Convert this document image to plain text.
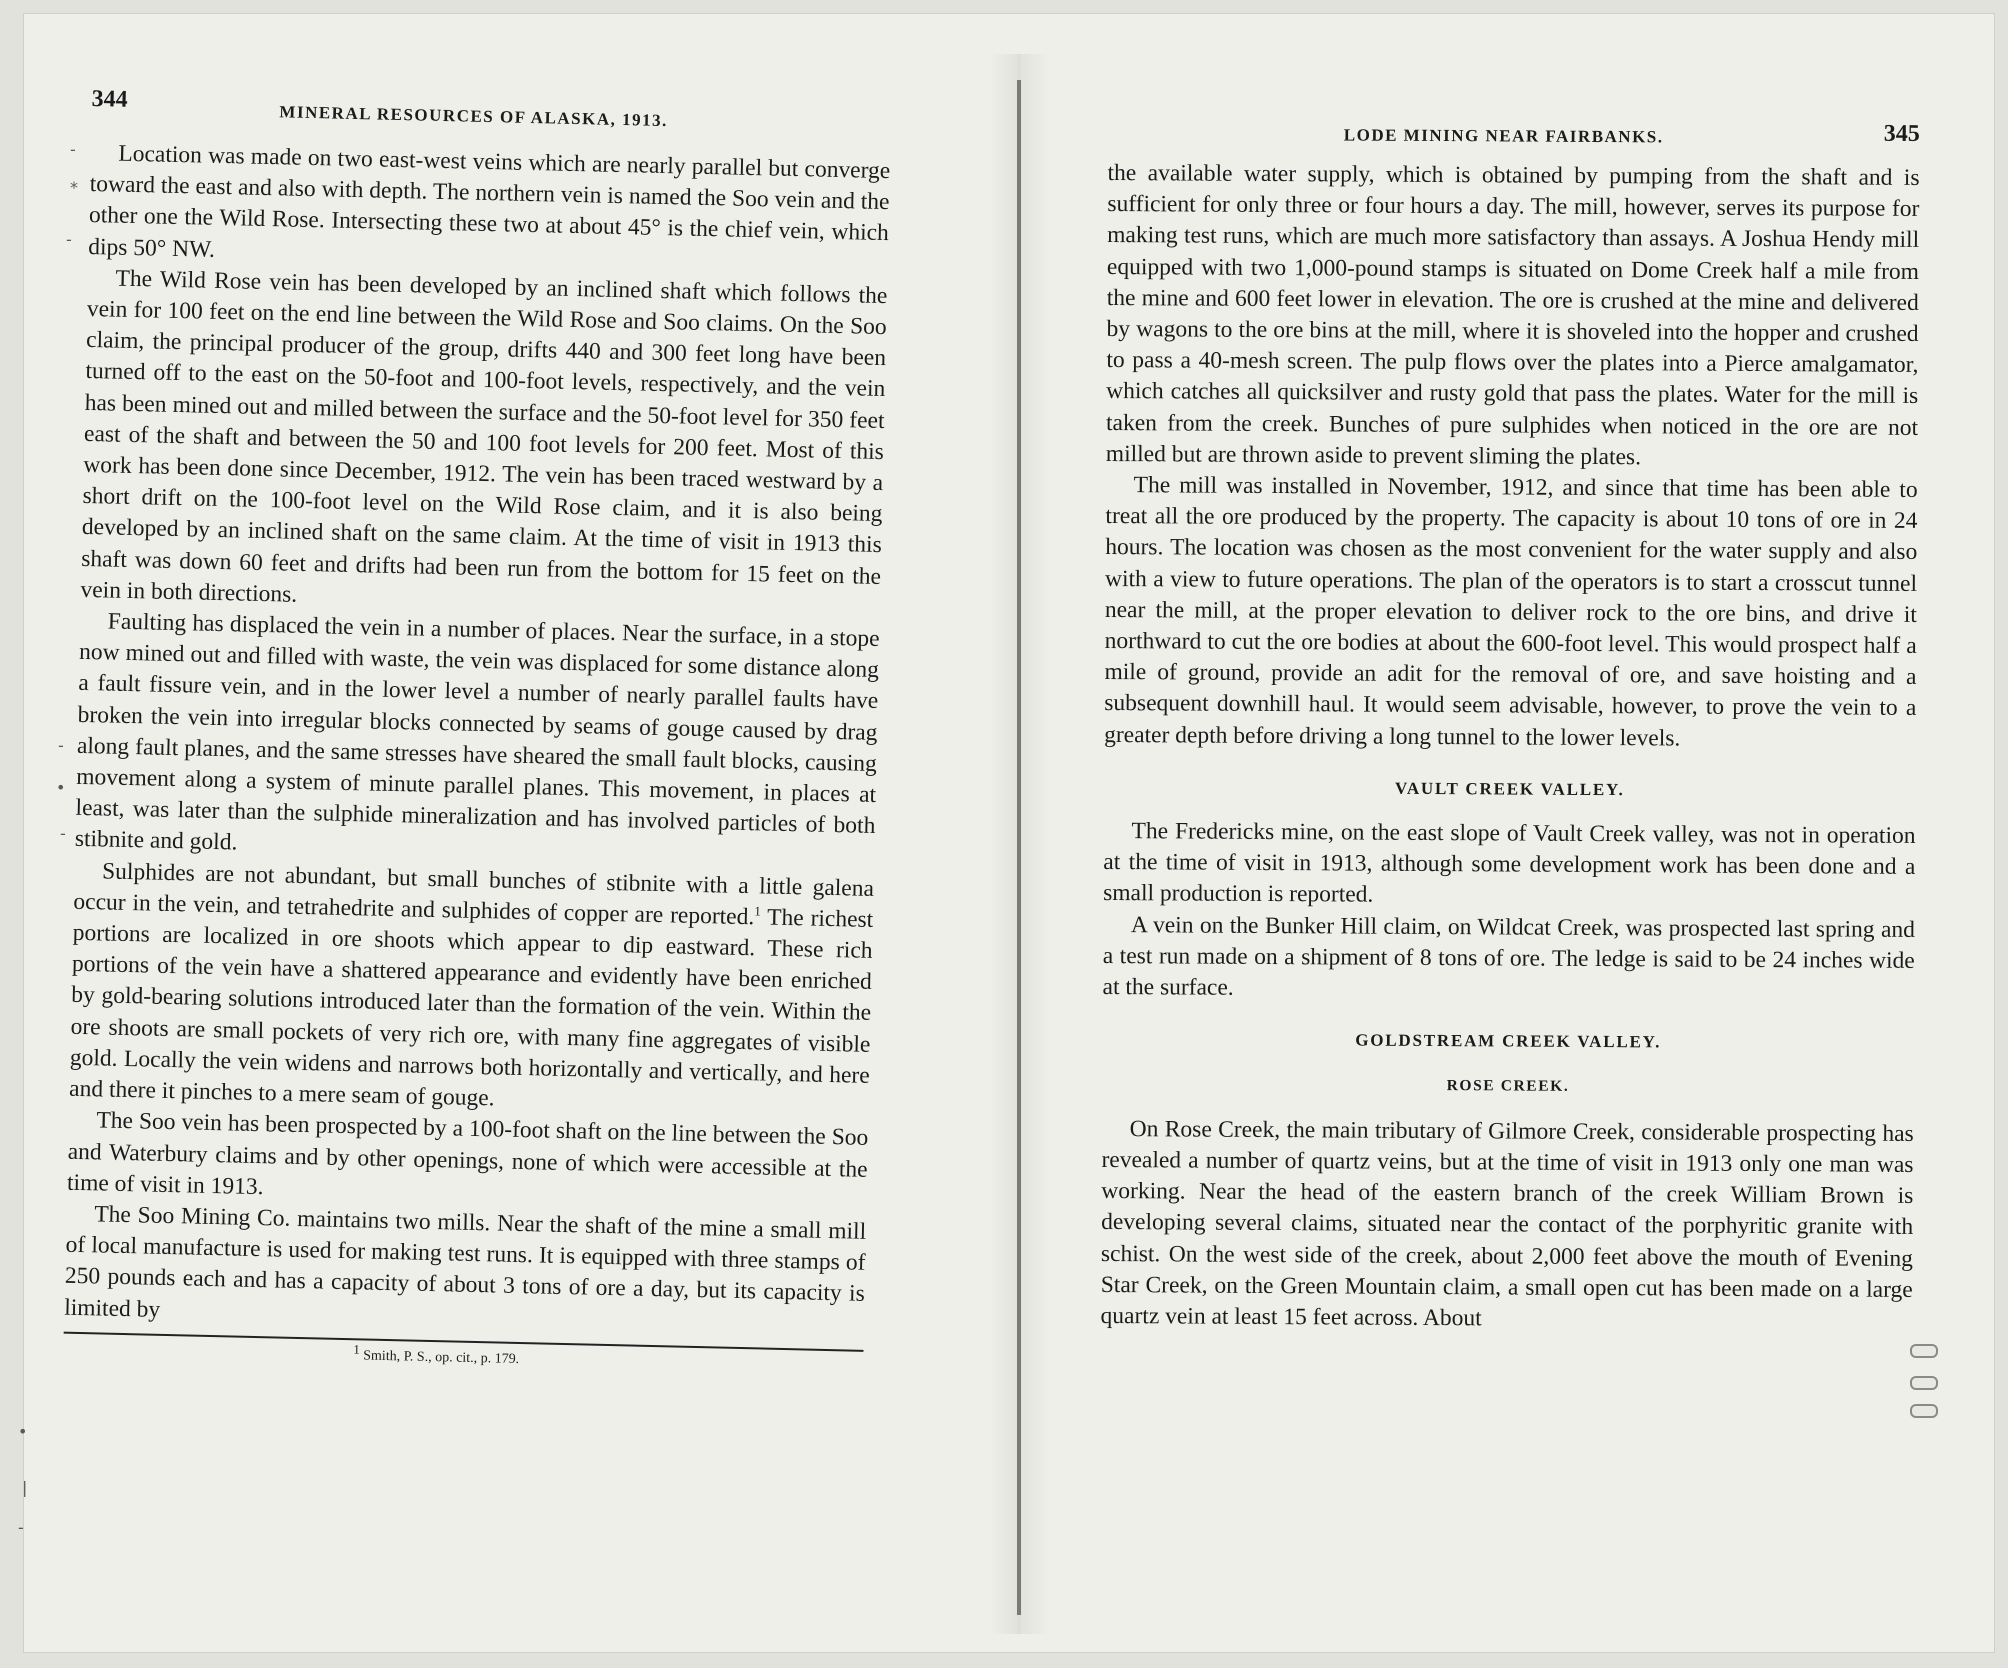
-
*
-
-
•
-
•
❘
-
344
MINERAL RESOURCES OF ALASKA, 1913.

Location was made on two east-west veins which are nearly parallel but converge toward the east and also with depth. The northern vein is named the Soo vein and the other one the Wild Rose. Intersecting these two at about 45° is the chief vein, which dips 50° NW.

The Wild Rose vein has been developed by an inclined shaft which follows the vein for 100 feet on the end line between the Wild Rose and Soo claims. On the Soo claim, the principal producer of the group, drifts 440 and 300 feet long have been turned off to the east on the 50-foot and 100-foot levels, respectively, and the vein has been mined out and milled between the surface and the 50-foot level for 350 feet east of the shaft and between the 50 and 100 foot levels for 200 feet. Most of this work has been done since December, 1912. The vein has been traced westward by a short drift on the 100-foot level on the Wild Rose claim, and it is also being developed by an inclined shaft on the same claim. At the time of visit in 1913 this shaft was down 60 feet and drifts had been run from the bottom for 15 feet on the vein in both directions.

Faulting has displaced the vein in a number of places. Near the surface, in a stope now mined out and filled with waste, the vein was displaced for some distance along a fault fissure vein, and in the lower level a number of nearly parallel faults have broken the vein into irregular blocks connected by seams of gouge caused by drag along fault planes, and the same stresses have sheared the small fault blocks, causing movement along a system of minute parallel planes. This movement, in places at least, was later than the sulphide mineralization and has involved particles of both stibnite and gold.

Sulphides are not abundant, but small bunches of stibnite with a little galena occur in the vein, and tetrahedrite and sulphides of copper are reported.$^1$ The richest portions are localized in ore shoots which appear to dip eastward. These rich portions of the vein have a shattered appearance and evidently have been enriched by gold-bearing solutions introduced later than the formation of the vein. Within the ore shoots are small pockets of very rich ore, with many fine aggregates of visible gold. Locally the vein widens and narrows both horizontally and vertically, and here and there it pinches to a mere seam of gouge.

The Soo vein has been prospected by a 100-foot shaft on the line between the Soo and Waterbury claims and by other openings, none of which were accessible at the time of visit in 1913.

The Soo Mining Co. maintains two mills. Near the shaft of the mine a small mill of local manufacture is used for making test runs. It is equipped with three stamps of 250 pounds each and has a capacity of about 3 tons of ore a day, but its capacity is limited by

$^1$ Smith, P. S., op. cit., p. 179.

LODE MINING NEAR FAIRBANKS.	345

the available water supply, which is obtained by pumping from the shaft and is sufficient for only three or four hours a day. The mill, however, serves its purpose for making test runs, which are much more satisfactory than assays. A Joshua Hendy mill equipped with two 1,000-pound stamps is situated on Dome Creek half a mile from the mine and 600 feet lower in elevation. The ore is crushed at the mine and delivered by wagons to the ore bins at the mill, where it is shoveled into the hopper and crushed to pass a 40-mesh screen. The pulp flows over the plates into a Pierce amalgamator, which catches all quicksilver and rusty gold that pass the plates. Water for the mill is taken from the creek. Bunches of pure sulphides when noticed in the ore are not milled but are thrown aside to prevent sliming the plates.

The mill was installed in November, 1912, and since that time has been able to treat all the ore produced by the property. The capacity is about 10 tons of ore in 24 hours. The location was chosen as the most convenient for the water supply and also with a view to future operations. The plan of the operators is to start a crosscut tunnel near the mill, at the proper elevation to deliver rock to the ore bins, and drive it northward to cut the ore bodies at about the 600-foot level. This would prospect half a mile of ground, provide an adit for the removal of ore, and save hoisting and a subsequent downhill haul. It would seem advisable, however, to prove the vein to a greater depth before driving a long tunnel to the lower levels.

VAULT CREEK VALLEY.

The Fredericks mine, on the east slope of Vault Creek valley, was not in operation at the time of visit in 1913, although some development work has been done and a small production is reported.

A vein on the Bunker Hill claim, on Wildcat Creek, was prospected last spring and a test run made on a shipment of 8 tons of ore. The ledge is said to be 24 inches wide at the surface.

GOLDSTREAM CREEK VALLEY.
ROSE CREEK.

On Rose Creek, the main tributary of Gilmore Creek, considerable prospecting has revealed a number of quartz veins, but at the time of visit in 1913 only one man was working. Near the head of the eastern branch of the creek William Brown is developing several claims, situated near the contact of the porphyritic granite with schist. On the west side of the creek, about 2,000 feet above the mouth of Evening Star Creek, on the Green Mountain claim, a small open cut has been made on a large quartz vein at least 15 feet across. About
